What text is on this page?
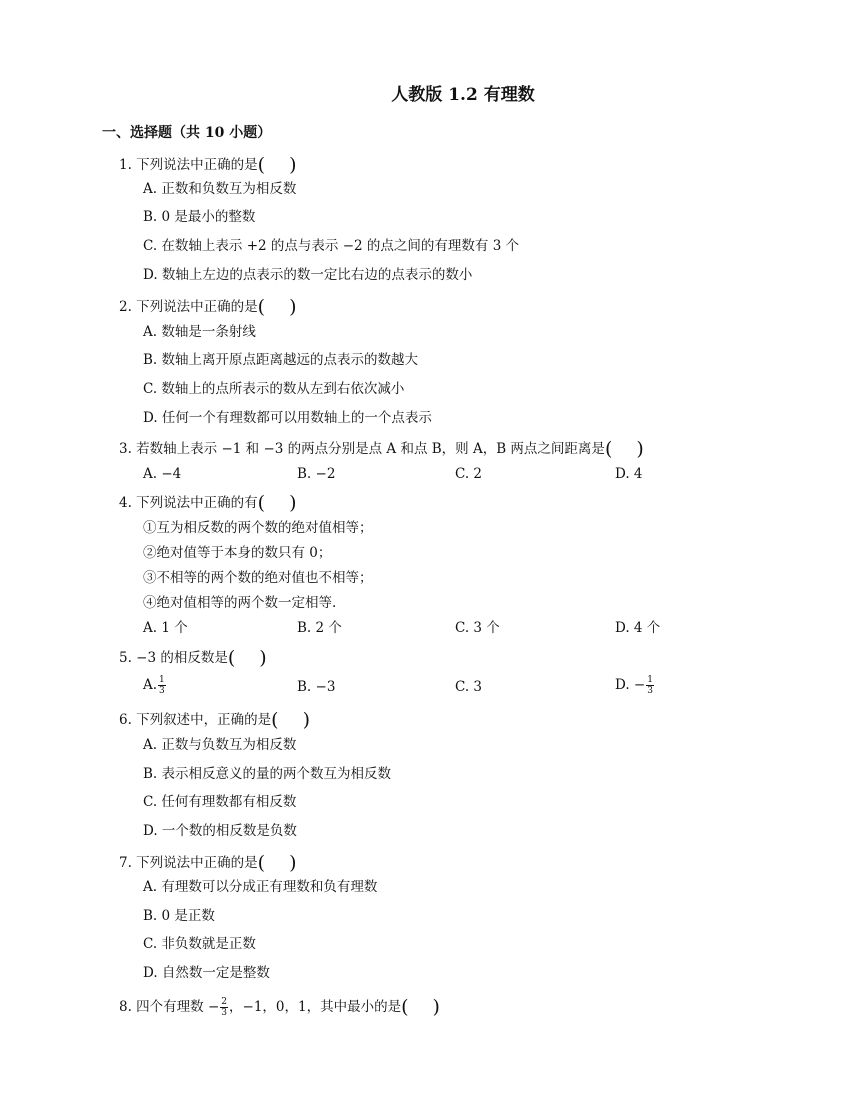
人教版 1.2 有理数
一、选择题（共 10 小题）
1. 下列说法中正确的是()
A. 正数和负数互为相反数
B. 0 是最小的整数
C. 在数轴上表示 +2 的点与表示 −2 的点之间的有理数有 3 个
D. 数轴上左边的点表示的数一定比右边的点表示的数小
2. 下列说法中正确的是()
A. 数轴是一条射线
B. 数轴上离开原点距离越远的点表示的数越大
C. 数轴上的点所表示的数从左到右依次减小
D. 任何一个有理数都可以用数轴上的一个点表示
3. 若数轴上表示 −1 和 −3 的两点分别是点 A 和点 B，则 A，B 两点之间距离是()
A. −4	B. −2	C. 2	D. 4
4. 下列说法中正确的有()
①互为相反数的两个数的绝对值相等；
②绝对值等于本身的数只有 0；
③不相等的两个数的绝对值也不相等；
④绝对值相等的两个数一定相等.
A. 1 个	B. 2 个	C. 3 个	D. 4 个
5. −3 的相反数是()
A. $\frac{1}{3}$	B. −3	C. 3	D. − $\frac{1}{3}$
6. 下列叙述中，正确的是()
A. 正数与负数互为相反数
B. 表示相反意义的量的两个数互为相反数
C. 任何有理数都有相反数
D. 一个数的相反数是负数
7. 下列说法中正确的是()
A. 有理数可以分成正有理数和负有理数
B. 0 是正数
C. 非负数就是正数
D. 自然数一定是整数
8. 四个有理数 − $\frac{2}{3}$ ，−1，0，1，其中最小的是()
